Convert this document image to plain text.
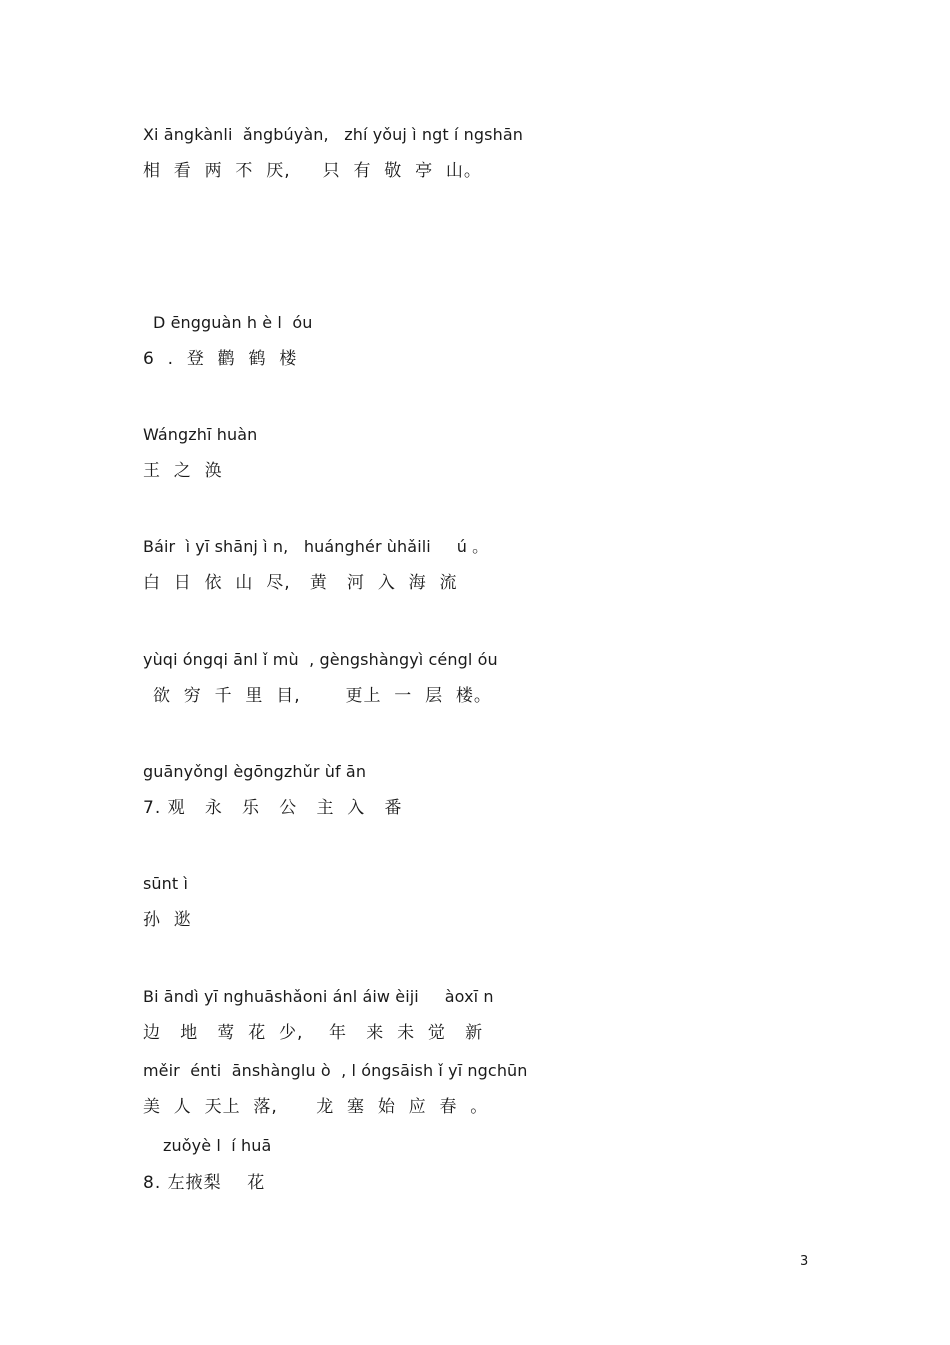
Xi āngkànli  ǎngbúyàn,   zhí yǒuj ì ngt í ngshān
相  看  两  不  厌,     只  有  敬  亭  山。
D ēngguàn h è l  óu
6  .  登  鹳  鹤  楼
Wángzhī huàn
王  之  涣
Báir  ì yī shānj ì n,   huánghér ùhǎili     ú 。
白  日  依  山  尽,   黄   河  入  海  流
yùqi óngqi ānl ǐ mù  , gèngshàngyì céngl óu
欲  穷  千  里  目,       更上  一  层  楼。
guānyǒngl ègōngzhǔr ùf ān
7. 观   永   乐   公   主  入   番
sūnt ì
孙  逖
Bi āndì yī nghuāshǎoni ánl áiw èiji     àoxī n
边   地   莺  花  少,    年   来  未  觉   新
měir  énti  ānshànglu ò  , l óngsāish ǐ yī ngchūn
美  人  天上  落,      龙  塞  始  应  春  。
zuǒyè l  í huā
8. 左掖梨    花
3
